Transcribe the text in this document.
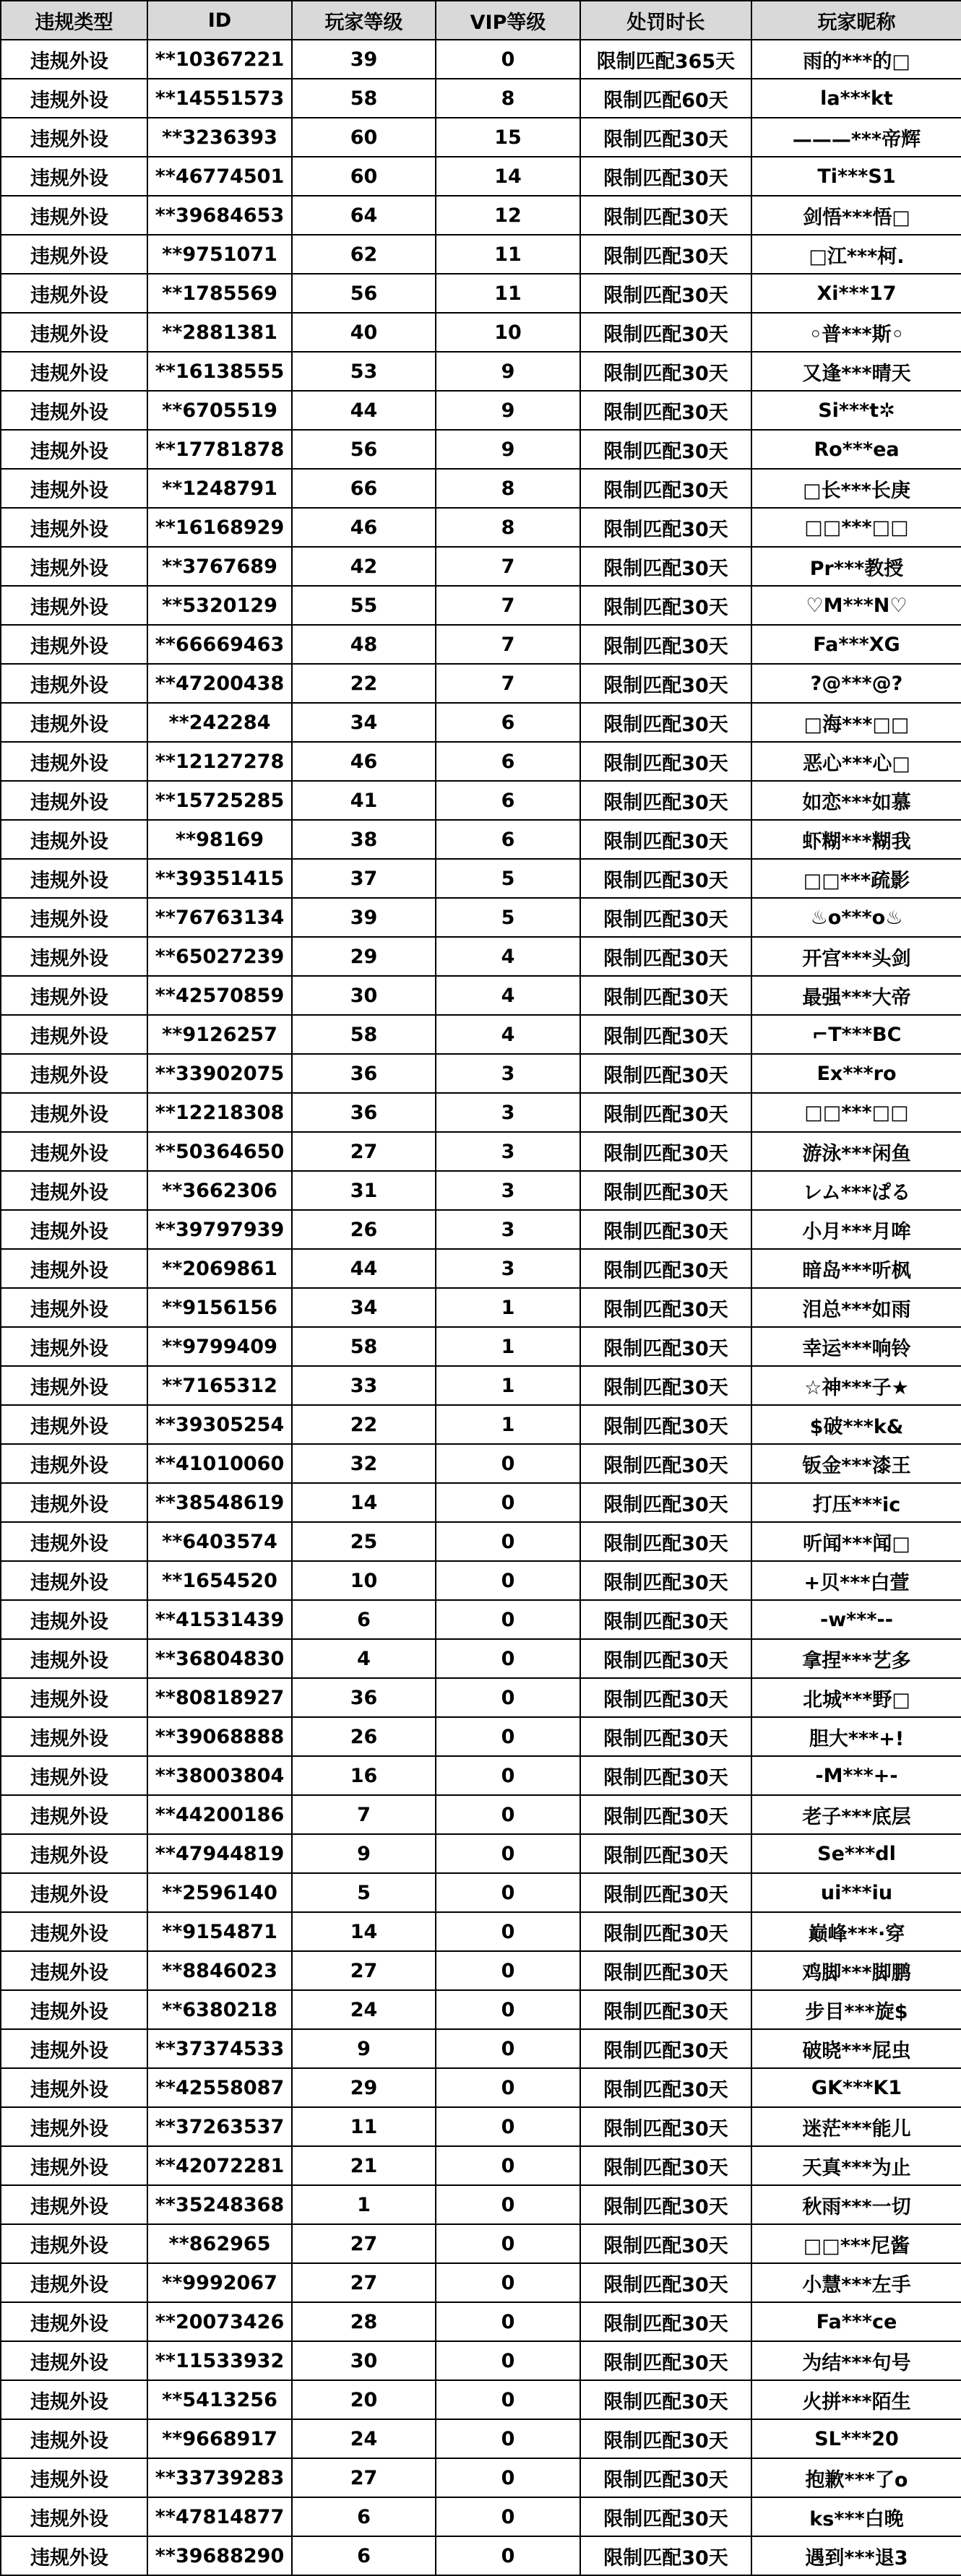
违规类型	ID	玩家等级	VIP等级	处罚时长	玩家昵称
违规外设	**10367221	39	0	限制匹配365天	雨的***的□
违规外设	**14551573	58	8	限制匹配60天	la***kt
违规外设	**3236393	60	15	限制匹配30天	———***帝辉
违规外设	**46774501	60	14	限制匹配30天	Ti***S1
违规外设	**39684653	64	12	限制匹配30天	剑悟***悟□
违规外设	**9751071	62	11	限制匹配30天	□江***柯.
违规外设	**1785569	56	11	限制匹配30天	Xi***17
违规外设	**2881381	40	10	限制匹配30天	◦普***斯◦
违规外设	**16138555	53	9	限制匹配30天	又逢***晴天
违规外设	**6705519	44	9	限制匹配30天	Si***t✲
违规外设	**17781878	56	9	限制匹配30天	Ro***ea
违规外设	**1248791	66	8	限制匹配30天	□长***长庚
违规外设	**16168929	46	8	限制匹配30天	□□***□□
违规外设	**3767689	42	7	限制匹配30天	Pr***教授
违规外设	**5320129	55	7	限制匹配30天	♡M***N♡
违规外设	**66669463	48	7	限制匹配30天	Fa***XG
违规外设	**47200438	22	7	限制匹配30天	?@***@?
违规外设	**242284	34	6	限制匹配30天	□海***□□
违规外设	**12127278	46	6	限制匹配30天	恶心***心□
违规外设	**15725285	41	6	限制匹配30天	如恋***如慕
违规外设	**98169	38	6	限制匹配30天	虾糊***糊我
违规外设	**39351415	37	5	限制匹配30天	□□***疏影
违规外设	**76763134	39	5	限制匹配30天	♨o***o♨
违规外设	**65027239	29	4	限制匹配30天	开宫***头剑
违规外设	**42570859	30	4	限制匹配30天	最强***大帝
违规外设	**9126257	58	4	限制匹配30天	⌐T***BC
违规外设	**33902075	36	3	限制匹配30天	Ex***ro
违规外设	**12218308	36	3	限制匹配30天	□□***□□
违规外设	**50364650	27	3	限制匹配30天	游泳***闲鱼
违规外设	**3662306	31	3	限制匹配30天	レム***ぱる
违规外设	**39797939	26	3	限制匹配30天	小月***月哞
违规外设	**2069861	44	3	限制匹配30天	暗岛***听枫
违规外设	**9156156	34	1	限制匹配30天	泪总***如雨
违规外设	**9799409	58	1	限制匹配30天	幸运***响铃
违规外设	**7165312	33	1	限制匹配30天	☆神***子★
违规外设	**39305254	22	1	限制匹配30天	$破***k&
违规外设	**41010060	32	0	限制匹配30天	钣金***漆王
违规外设	**38548619	14	0	限制匹配30天	打压***ic
违规外设	**6403574	25	0	限制匹配30天	听闻***闻□
违规外设	**1654520	10	0	限制匹配30天	+贝***白萱
违规外设	**41531439	6	0	限制匹配30天	-w***--
违规外设	**36804830	4	0	限制匹配30天	拿捏***艺多
违规外设	**80818927	36	0	限制匹配30天	北城***野□
违规外设	**39068888	26	0	限制匹配30天	胆大***+!
违规外设	**38003804	16	0	限制匹配30天	-M***+-
违规外设	**44200186	7	0	限制匹配30天	老子***底层
违规外设	**47944819	9	0	限制匹配30天	Se***dl
违规外设	**2596140	5	0	限制匹配30天	ui***iu
违规外设	**9154871	14	0	限制匹配30天	巅峰***·穿
违规外设	**8846023	27	0	限制匹配30天	鸡脚***脚鹏
违规外设	**6380218	24	0	限制匹配30天	步目***旋$
违规外设	**37374533	9	0	限制匹配30天	破晓***屁虫
违规外设	**42558087	29	0	限制匹配30天	GK***K1
违规外设	**37263537	11	0	限制匹配30天	迷茫***能儿
违规外设	**42072281	21	0	限制匹配30天	天真***为止
违规外设	**35248368	1	0	限制匹配30天	秋雨***一切
违规外设	**862965	27	0	限制匹配30天	□□***尼酱
违规外设	**9992067	27	0	限制匹配30天	小慧***左手
违规外设	**20073426	28	0	限制匹配30天	Fa***ce
违规外设	**11533932	30	0	限制匹配30天	为结***句号
违规外设	**5413256	20	0	限制匹配30天	火拼***陌生
违规外设	**9668917	24	0	限制匹配30天	SL***20
违规外设	**33739283	27	0	限制匹配30天	抱歉***了o
违规外设	**47814877	6	0	限制匹配30天	ks***白晚
违规外设	**39688290	6	0	限制匹配30天	遇到***退3
